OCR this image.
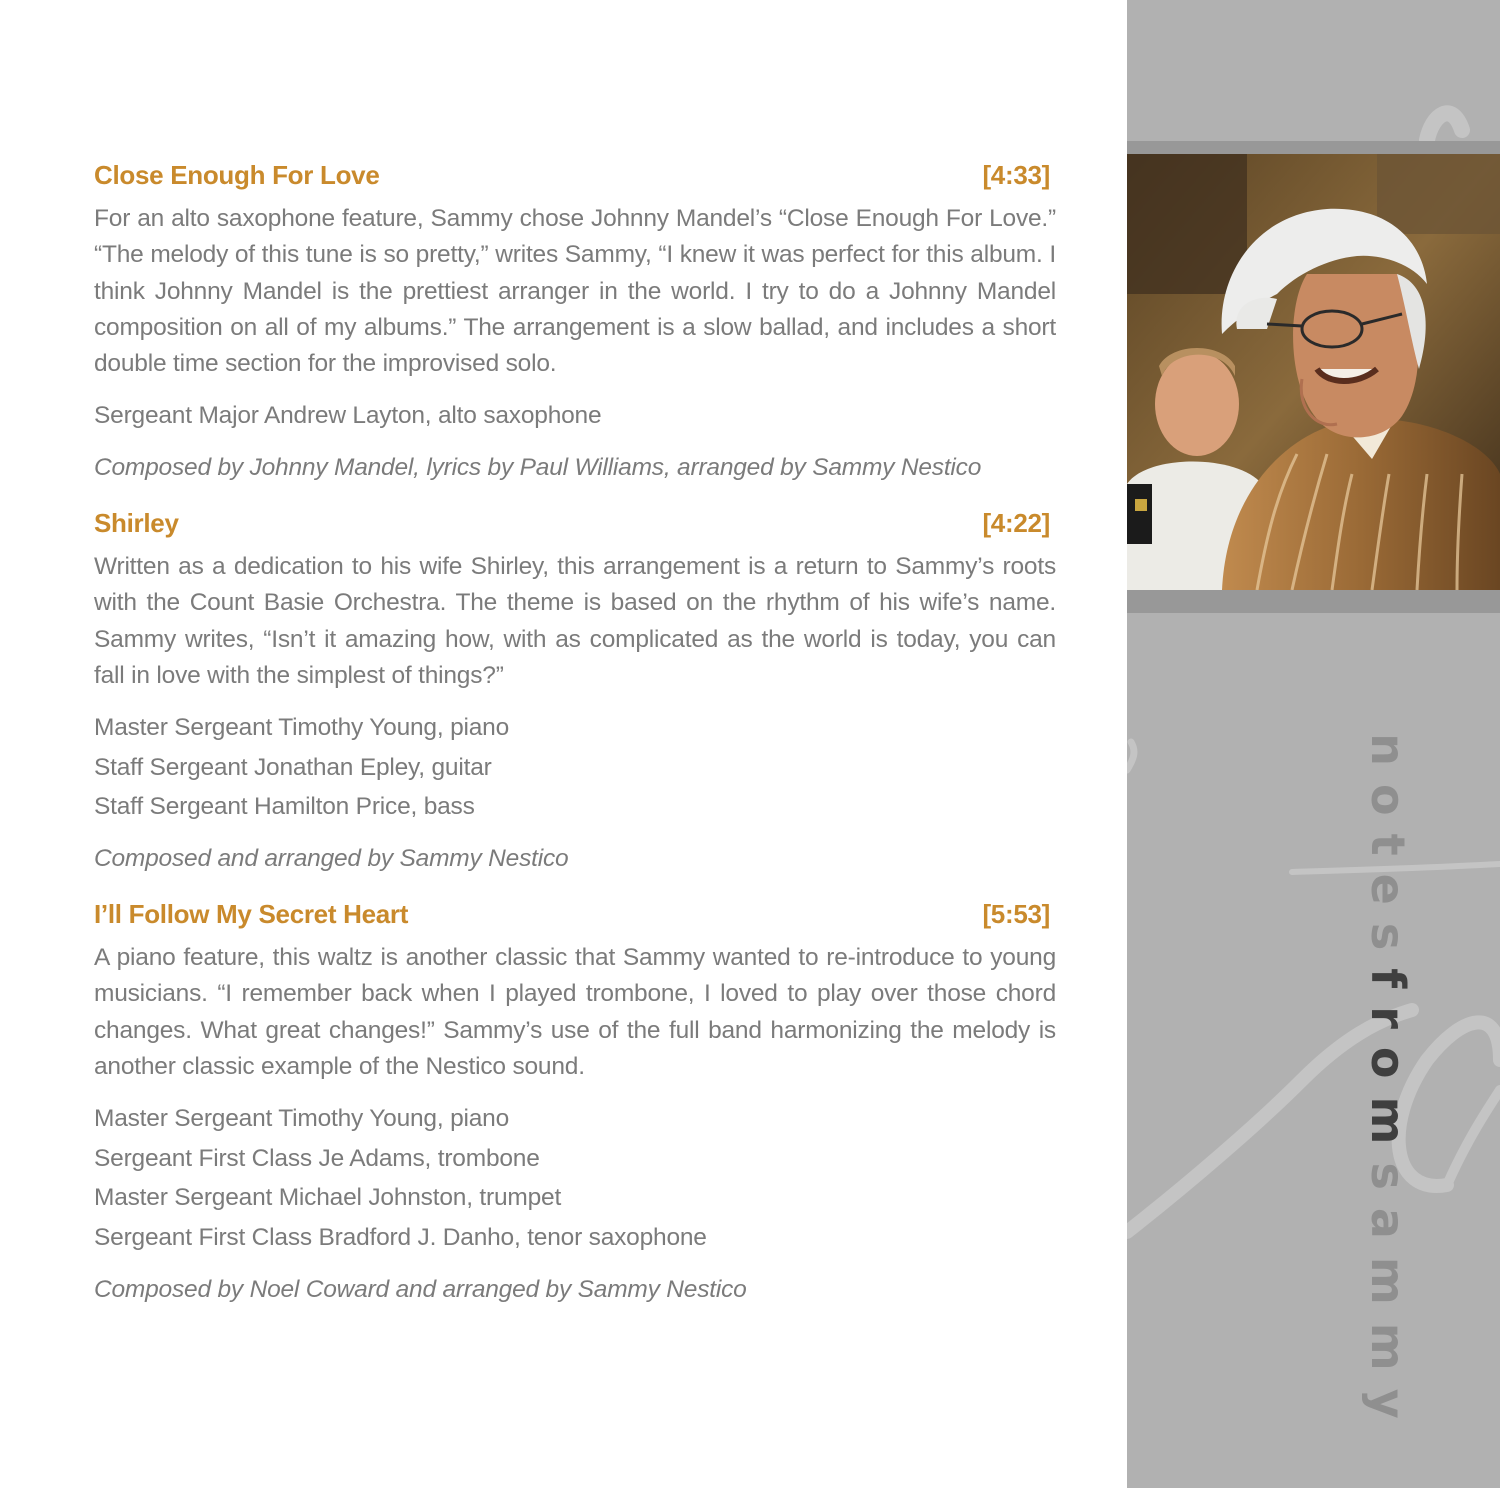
Close Enough For Love	[4:33]

For an alto saxophone feature, Sammy chose Johnny Mandel’s “Close Enough For Love.” “The melody of this tune is so pretty,” writes Sammy, “I knew it was perfect for this album. I think Johnny Mandel is the prettiest arranger in the world. I try to do a Johnny Mandel composition on all of my albums.” The arrangement is a slow ballad, and includes a short double time section for the improvised solo.

Sergeant Major Andrew Layton, alto saxophone

Composed by Johnny Mandel, lyrics by Paul Williams, arranged by Sammy Nestico

Shirley	[4:22]

Written as a dedication to his wife Shirley, this arrangement is a return to Sammy’s roots with the Count Basie Orchestra. The theme is based on the rhythm of his wife’s name. Sammy writes, “Isn’t it amazing how, with as complicated as the world is today, you can fall in love with the simplest of things?”

Master Sergeant Timothy Young, piano
Staff Sergeant Jonathan Epley, guitar
Staff Sergeant Hamilton Price, bass

Composed and arranged by Sammy Nestico

I’ll Follow My Secret Heart	[5:53]

A piano feature, this waltz is another classic that Sammy wanted to re-introduce to young musicians. “I remember back when I played trombone, I loved to play over those chord changes. What great changes!” Sammy’s use of the full band harmonizing the melody is another classic example of the Nestico sound.

Master Sergeant Timothy Young, piano
Sergeant First Class Je Adams, trombone
Master Sergeant Michael Johnston, trumpet
Sergeant First Class Bradford J. Danho, tenor saxophone

Composed by Noel Coward and arranged by Sammy Nestico

notesfromsammy
